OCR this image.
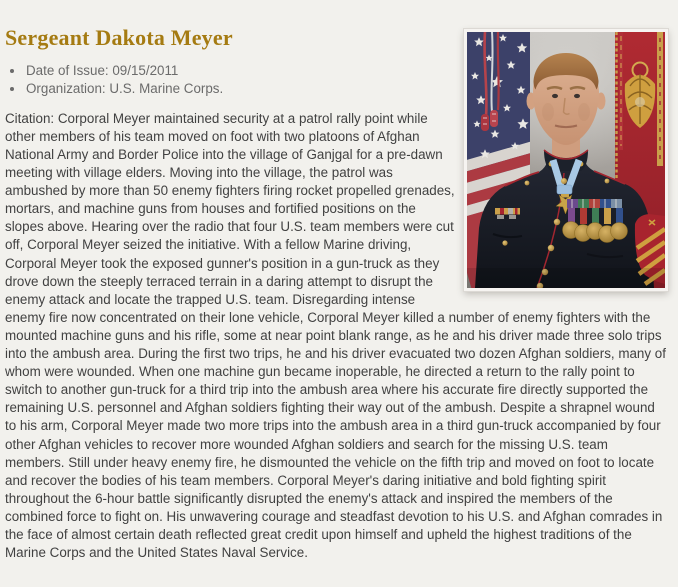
Sergeant Dakota Meyer
• Date of Issue: 09/15/2011
• Organization: U.S. Marine Corps.

Citation: Corporal Meyer maintained security at a patrol rally point while other members of his team moved on foot with two platoons of Afghan National Army and Border Police into the village of Ganjgal for a pre-dawn meeting with village elders. Moving into the village, the patrol was ambushed by more than 50 enemy fighters firing rocket propelled grenades, mortars, and machine guns from houses and fortified positions on the slopes above. Hearing over the radio that four U.S. team members were cut off, Corporal Meyer seized the initiative. With a fellow Marine driving, Corporal Meyer took the exposed gunner's position in a gun-truck as they drove down the steeply terraced terrain in a daring attempt to disrupt the enemy attack and locate the trapped U.S. team. Disregarding intense enemy fire now concentrated on their lone vehicle, Corporal Meyer killed a number of enemy fighters with the mounted machine guns and his rifle, some at near point blank range, as he and his driver made three solo trips into the ambush area. During the first two trips, he and his driver evacuated two dozen Afghan soldiers, many of whom were wounded. When one machine gun became inoperable, he directed a return to the rally point to switch to another gun-truck for a third trip into the ambush area where his accurate fire directly supported the remaining U.S. personnel and Afghan soldiers fighting their way out of the ambush. Despite a shrapnel wound to his arm, Corporal Meyer made two more trips into the ambush area in a third gun-truck accompanied by four other Afghan vehicles to recover more wounded Afghan soldiers and search for the missing U.S. team members. Still under heavy enemy fire, he dismounted the vehicle on the fifth trip and moved on foot to locate and recover the bodies of his team members. Corporal Meyer's daring initiative and bold fighting spirit throughout the 6-hour battle significantly disrupted the enemy's attack and inspired the members of the combined force to fight on. His unwavering courage and steadfast devotion to his U.S. and Afghan comrades in the face of almost certain death reflected great credit upon himself and upheld the highest traditions of the Marine Corps and the United States Naval Service.
